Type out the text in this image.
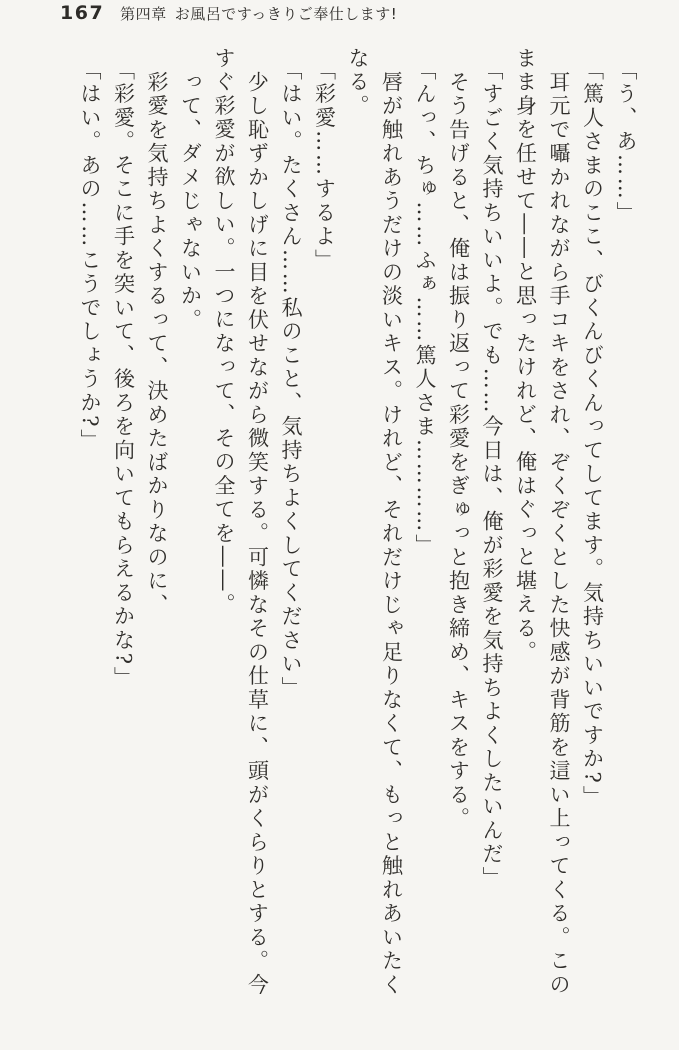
167 第四章 お風呂ですっきりご奉仕します!

「う、あ……」

「篤人さまのここ、びくんびくんってしてます。気持ちいいですか?」

耳元で囁かれながら手コキをされ、ぞくぞくとした快感が背筋を這い上ってくる。このまま身を任せて――と思ったけれど、俺はぐっと堪える。

「すごく気持ちいいよ。でも……今日は、俺が彩愛を気持ちよくしたいんだ」

そう告げると、俺は振り返って彩愛をぎゅっと抱き締め、キスをする。

「んっ、ちゅ……ふぁ……篤人さま…………」

唇が触れあうだけの淡いキス。けれど、それだけじゃ足りなくて、もっと触れあいたくなる。

「彩愛……するよ」

「はい。たくさん……私のこと、気持ちよくしてください」

少し恥ずかしげに目を伏せながら微笑する。可憐なその仕草に、頭がくらりとする。今すぐ彩愛が欲しい。一つになって、その全てを――。

って、ダメじゃないか。

彩愛を気持ちよくするって、決めたばかりなのに、

「彩愛。そこに手を突いて、後ろを向いてもらえるかな?」

「はい。あの……こうでしょうか?」
